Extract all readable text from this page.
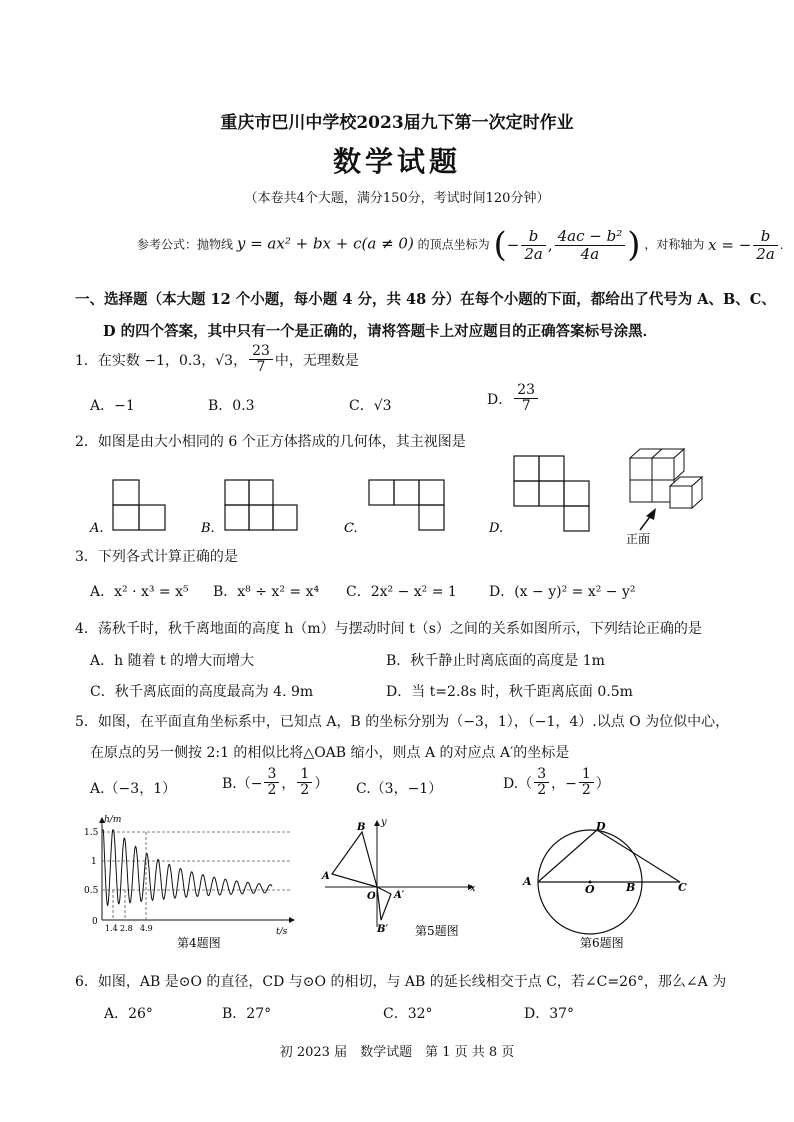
重庆市巴川中学校2023届九下第一次定时作业
数学试题
（本卷共4个大题，满分150分，考试时间120分钟）
参考公式：抛物线 y = ax² + bx + c(a ≠ 0) 的顶点坐标为 (− $\frac{b}{2a}$ , $\frac{\text{4ac − b²}}{4a}$ ) ，对称轴为 x = − $\frac{b}{2a}$ .
一、选择题（本大题 12 个小题，每小题 4 分，共 48 分）在每个小题的下面，都给出了代号为 A、B、C、
D 的四个答案，其中只有一个是正确的，请将答题卡上对应题目的正确答案标号涂黑．
1．在实数 −1，0.3，√3， $\frac{23}{7}$ 中，无理数是
A．−1	B．0.3	C．√3	D． $\frac{23}{7}$
2．如图是由大小相同的 6 个正方体搭成的几何体，其主视图是
A.	B.	C.	D.
正面
3．下列各式计算正确的是
A．x² · x³ = x⁵ B．x⁸ ÷ x² = x⁴ C．2x² − x² = 1 D．(x − y)² = x² − y²
4．荡秋千时，秋千离地面的高度 h（m）与摆动时间 t（s）之间的关系如图所示，下列结论正确的是
A．h 随着 t 的增大而增大	B．秋千静止时离底面的高度是 1m
C．秋千离底面的高度最高为 4. 9m	D．当 t=2.8s 时，秋千距离底面 0.5m
5．如图，在平面直角坐标系中，已知点 A，B 的坐标分别为（−3，1），（−1，4）.以点 O 为位似中心，
在原点的另一侧按 2:1 的相似比将△OAB 缩小，则点 A 的对应点 A′的坐标是
A.（−3，1）	$B.(- \frac{3}{2}$ ， $\frac{1}{2}$ ） C.（3，−1）	$D.( \frac{3}{2}$ ，− $\frac{1}{2}$ ）
h/m
t/s
1.5
1
0.5
0
1.4 2.8 4.9
第4题图
B
A
O A′
B′
x
y
第5题图
D
A
O	B	C
第6题图
6．如图，AB 是⊙O 的直径，CD 与⊙O 的相切，与 AB 的延长线相交于点 C，若∠C=26°，那么∠A 为
A．26°	B．27°	C．32°	D．37°
初 2023 届　数学试题　第 1 页 共 8 页
